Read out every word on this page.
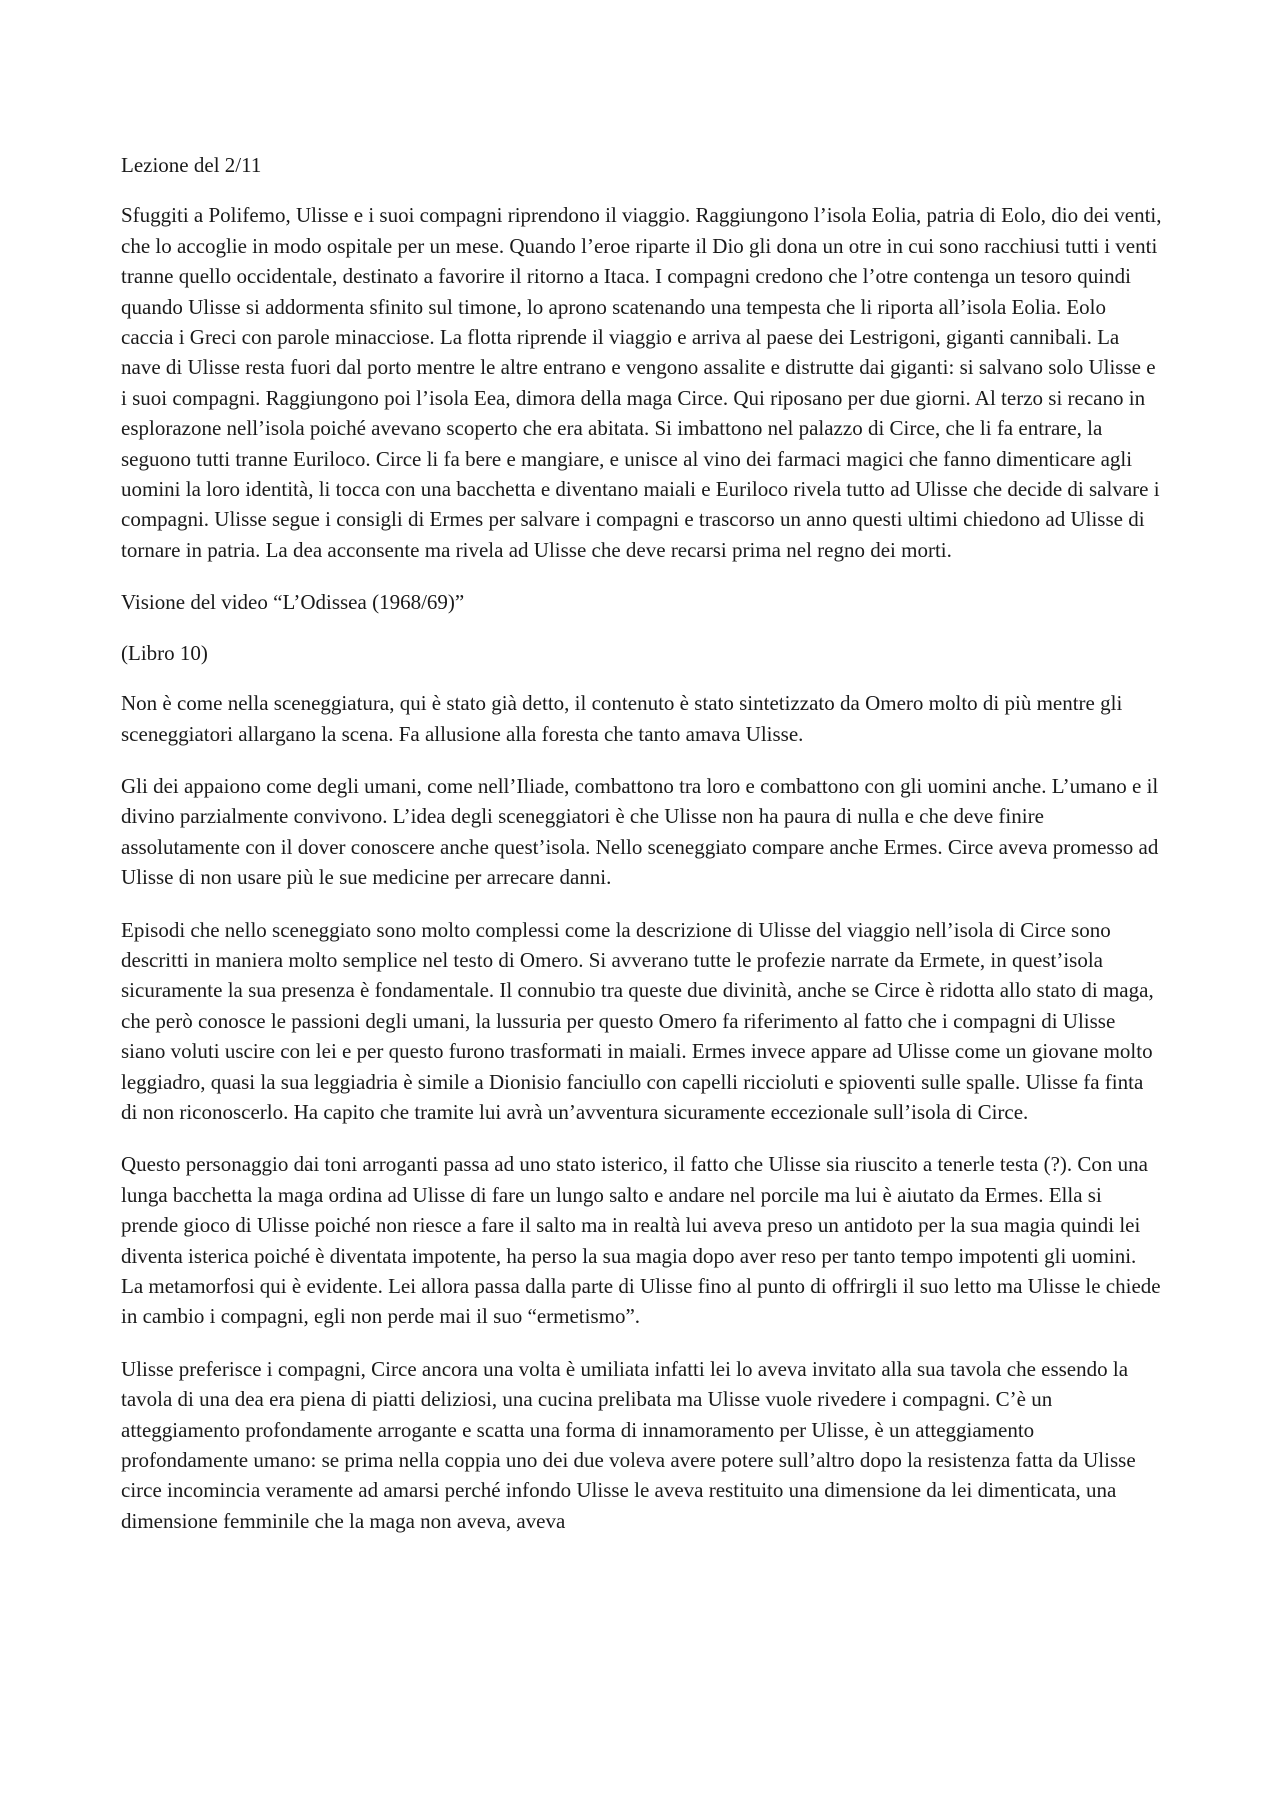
Lezione del 2/11

Sfuggiti a Polifemo, Ulisse e i suoi compagni riprendono il viaggio. Raggiungono l’isola Eolia, patria di Eolo, dio dei venti, che lo accoglie in modo ospitale per un mese. Quando l’eroe riparte il Dio gli dona un otre in cui sono racchiusi tutti i venti tranne quello occidentale, destinato a favorire il ritorno a Itaca. I compagni credono che l’otre contenga un tesoro quindi quando Ulisse si addormenta sfinito sul timone, lo aprono scatenando una tempesta che li riporta all’isola Eolia. Eolo caccia i Greci con parole minacciose. La flotta riprende il viaggio e arriva al paese dei Lestrigoni, giganti cannibali. La nave di Ulisse resta fuori dal porto mentre le altre entrano e vengono assalite e distrutte dai giganti: si salvano solo Ulisse e i suoi compagni. Raggiungono poi l’isola Eea, dimora della maga Circe. Qui riposano per due giorni. Al terzo si recano in esplorazone nell’isola poiché avevano scoperto che era abitata. Si imbattono nel palazzo di Circe, che li fa entrare, la seguono tutti tranne Euriloco. Circe li fa bere e mangiare, e unisce al vino dei farmaci magici che fanno dimenticare agli uomini la loro identità, li tocca con una bacchetta e diventano maiali e Euriloco rivela tutto ad Ulisse che decide di salvare i compagni. Ulisse segue i consigli di Ermes per salvare i compagni e trascorso un anno questi ultimi chiedono ad Ulisse di tornare in patria. La dea acconsente ma rivela ad Ulisse che deve recarsi prima nel regno dei morti.

Visione del video “L’Odissea (1968/69)”

(Libro 10)

Non è come nella sceneggiatura, qui è stato già detto, il contenuto è stato sintetizzato da Omero molto di più mentre gli sceneggiatori allargano la scena. Fa allusione alla foresta che tanto amava Ulisse.

Gli dei appaiono come degli umani, come nell’Iliade, combattono tra loro e combattono con gli uomini anche. L’umano e il divino parzialmente convivono. L’idea degli sceneggiatori è che Ulisse non ha paura di nulla e che deve finire assolutamente con il dover conoscere anche quest’isola. Nello sceneggiato compare anche Ermes. Circe aveva promesso ad Ulisse di non usare più le sue medicine per arrecare danni.

Episodi che nello sceneggiato sono molto complessi come la descrizione di Ulisse del viaggio nell’isola di Circe sono descritti in maniera molto semplice nel testo di Omero. Si avverano tutte le profezie narrate da Ermete, in quest’isola sicuramente la sua presenza è fondamentale. Il connubio tra queste due divinità, anche se Circe è ridotta allo stato di maga, che però conosce le passioni degli umani, la lussuria per questo Omero fa riferimento al fatto che i compagni di Ulisse siano voluti uscire con lei e per questo furono trasformati in maiali. Ermes invece appare ad Ulisse come un giovane molto leggiadro, quasi la sua leggiadria è simile a Dionisio fanciullo con capelli riccioluti e spioventi sulle spalle. Ulisse fa finta di non riconoscerlo. Ha capito che tramite lui avrà un’avventura sicuramente eccezionale sull’isola di Circe.

Questo personaggio dai toni arroganti passa ad uno stato isterico, il fatto che Ulisse sia riuscito a tenerle testa (?). Con una lunga bacchetta la maga ordina ad Ulisse di fare un lungo salto e andare nel porcile ma lui è aiutato da Ermes. Ella si prende gioco di Ulisse poiché non riesce a fare il salto ma in realtà lui aveva preso un antidoto per la sua magia quindi lei diventa isterica poiché è diventata impotente, ha perso la sua magia dopo aver reso per tanto tempo impotenti gli uomini. La metamorfosi qui è evidente. Lei allora passa dalla parte di Ulisse fino al punto di offrirgli il suo letto ma Ulisse le chiede in cambio i compagni, egli non perde mai il suo “ermetismo”.

Ulisse preferisce i compagni, Circe ancora una volta è umiliata infatti lei lo aveva invitato alla sua tavola che essendo la tavola di una dea era piena di piatti deliziosi, una cucina prelibata ma Ulisse vuole rivedere i compagni. C’è un atteggiamento profondamente arrogante e scatta una forma di innamoramento per Ulisse, è un atteggiamento profondamente umano: se prima nella coppia uno dei due voleva avere potere sull’altro dopo la resistenza fatta da Ulisse circe incomincia veramente ad amarsi perché infondo Ulisse le aveva restituito una dimensione da lei dimenticata, una dimensione femminile che la maga non aveva, aveva
